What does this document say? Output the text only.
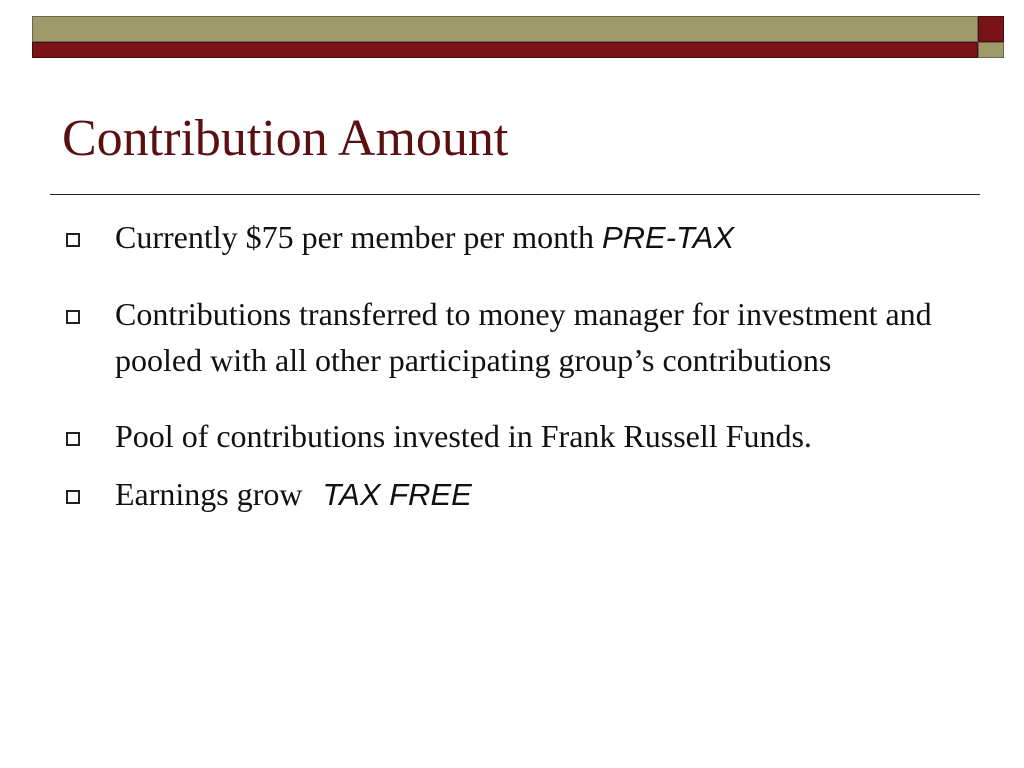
Contribution Amount
Currently $75 per member per month PRE-TAX
Contributions transferred to money manager for investment and pooled with all other participating group’s contributions
Pool of contributions invested in Frank Russell Funds.
Earnings grow TAX FREE
